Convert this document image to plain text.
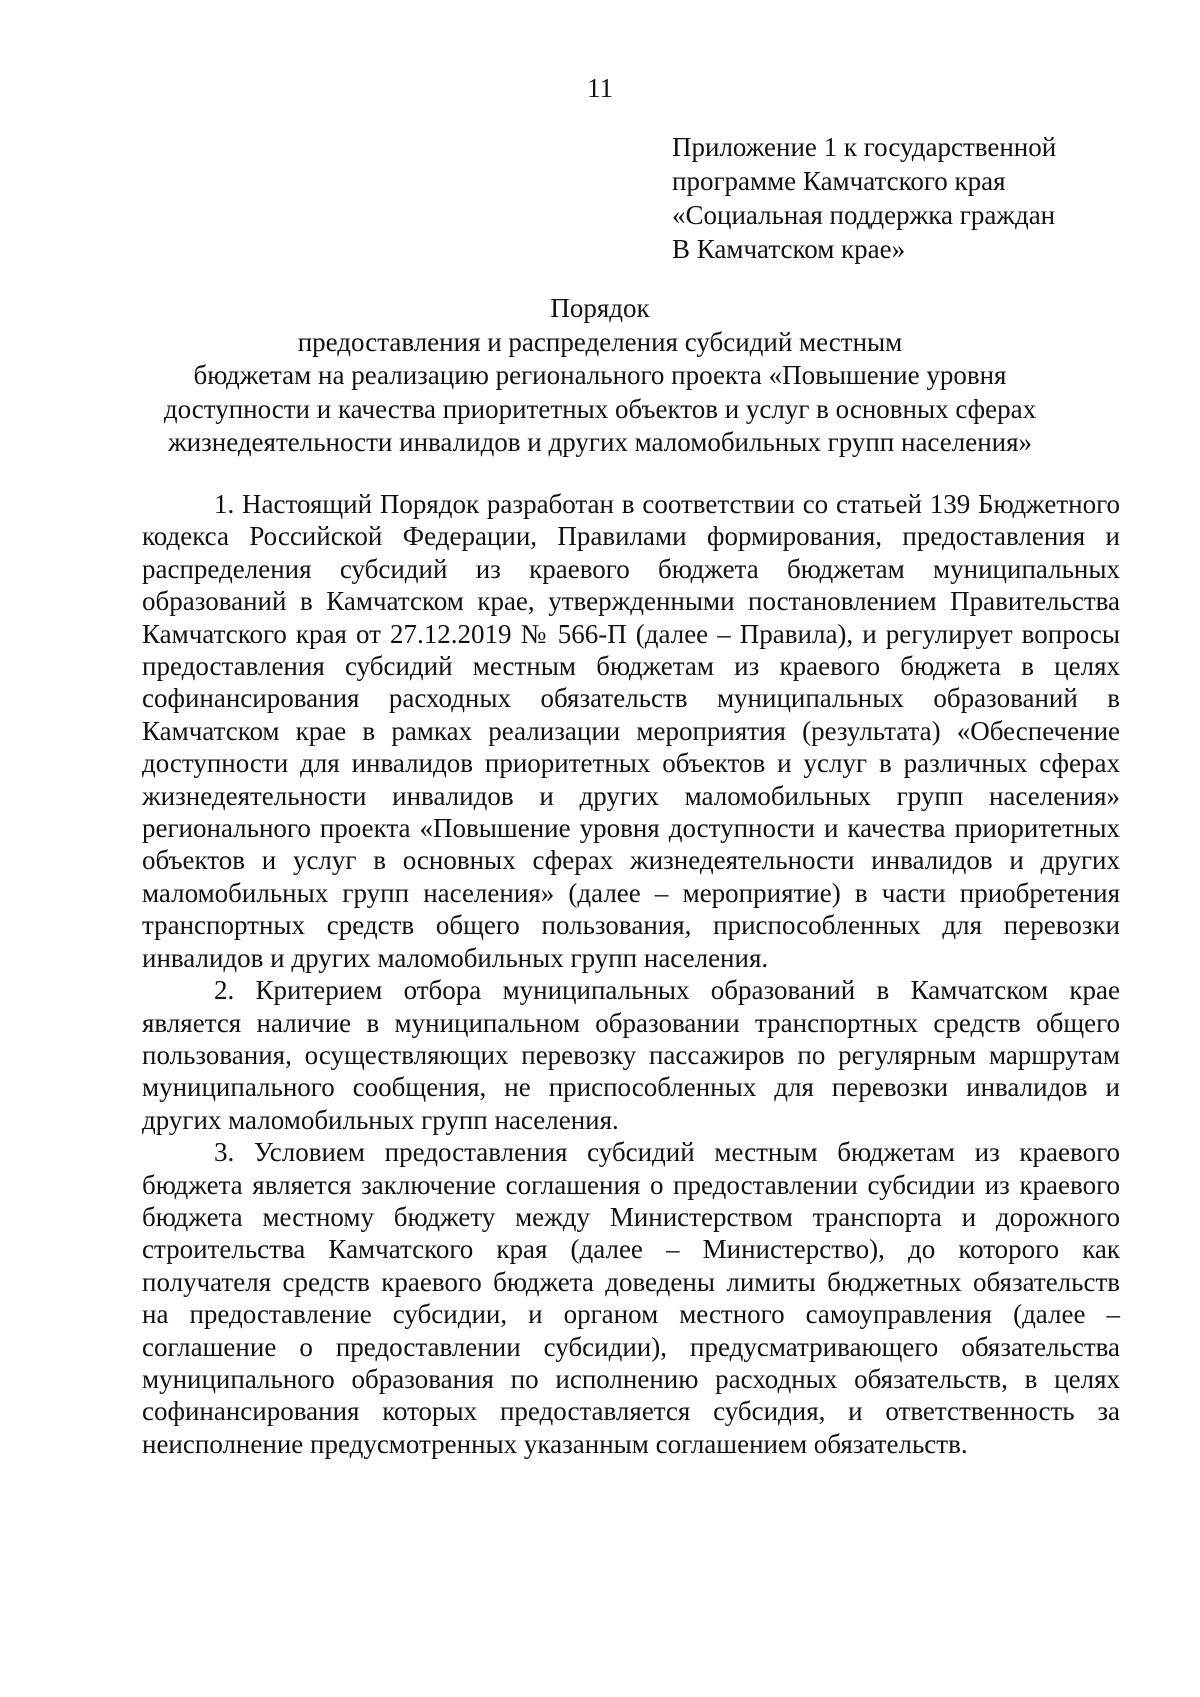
11
Приложение 1 к государственной
программе Камчатского края
«Социальная поддержка граждан
В Камчатском крае»
Порядок
предоставления и распределения субсидий местным
бюджетам на реализацию регионального проекта «Повышение уровня
доступности и качества приоритетных объектов и услуг в основных сферах
жизнедеятельности инвалидов и других маломобильных групп населения»

1. Настоящий Порядок разработан в соответствии со статьей 139 Бюджетного кодекса Российской Федерации, Правилами формирования, предоставления и распределения субсидий из краевого бюджета бюджетам муниципальных образований в Камчатском крае, утвержденными постановлением Правительства Камчатского края от 27.12.2019 № 566-П (далее – Правила), и регулирует вопросы предоставления субсидий местным бюджетам из краевого бюджета в целях софинансирования расходных обязательств муниципальных образований в Камчатском крае в рамках реализации мероприятия (результата) «Обеспечение доступности для инвалидов приоритетных объектов и услуг в различных сферах жизнедеятельности инвалидов и других маломобильных групп населения» регионального проекта «Повышение уровня доступности и качества приоритетных объектов и услуг в основных сферах жизнедеятельности инвалидов и других маломобильных групп населения» (далее – мероприятие) в части приобретения транспортных средств общего пользования, приспособленных для перевозки инвалидов и других маломобильных групп населения.

2. Критерием отбора муниципальных образований в Камчатском крае является наличие в муниципальном образовании транспортных средств общего пользования, осуществляющих перевозку пассажиров по регулярным маршрутам муниципального сообщения, не приспособленных для перевозки инвалидов и других маломобильных групп населения.

3. Условием предоставления субсидий местным бюджетам из краевого бюджета является заключение соглашения о предоставлении субсидии из краевого бюджета местному бюджету между Министерством транспорта и дорожного строительства Камчатского края (далее – Министерство), до которого как получателя средств краевого бюджета доведены лимиты бюджетных обязательств на предоставление субсидии, и органом местного самоуправления (далее – соглашение о предоставлении субсидии), предусматривающего обязательства муниципального образования по исполнению расходных обязательств, в целях софинансирования которых предоставляется субсидия, и ответственность за неисполнение предусмотренных указанным соглашением обязательств.
